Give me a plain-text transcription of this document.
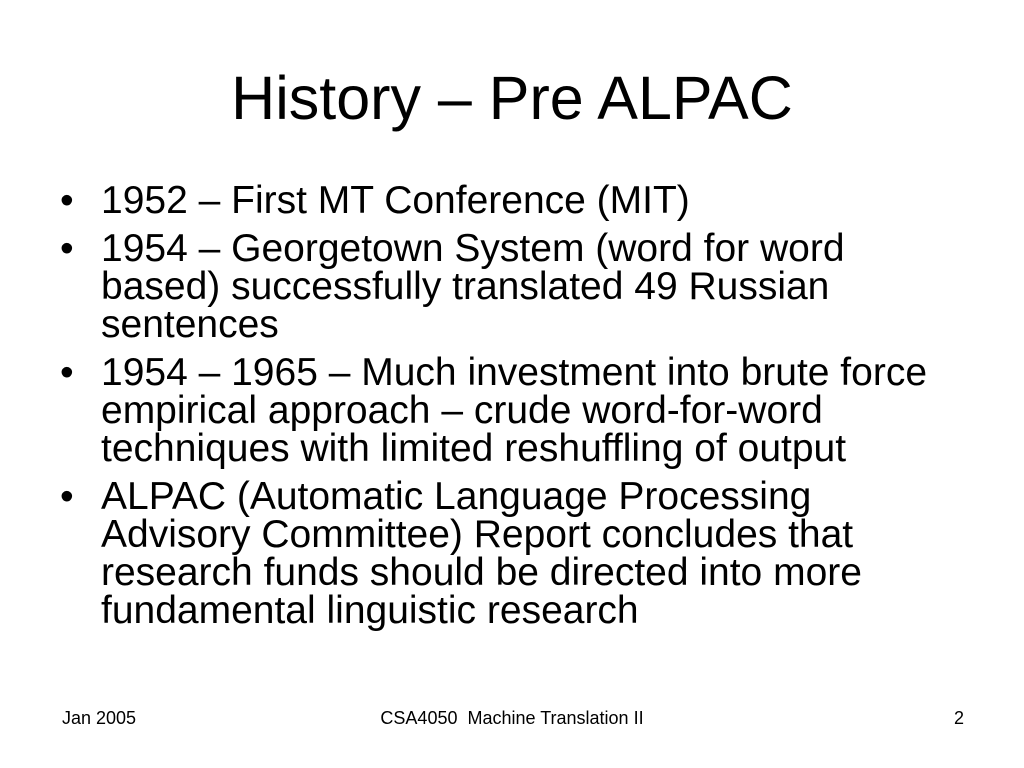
History – Pre ALPAC
• 1952 – First MT Conference (MIT)
• 1954 – Georgetown System (word for word
based) successfully translated 49 Russian
sentences
• 1954 – 1965 – Much investment into brute force
empirical approach – crude word-for-word
techniques with limited reshuffling of output
• ALPAC (Automatic Language Processing
Advisory Committee) Report concludes that
research funds should be directed into more
fundamental linguistic research
Jan 2005	CSA4050  Machine Translation II	2
